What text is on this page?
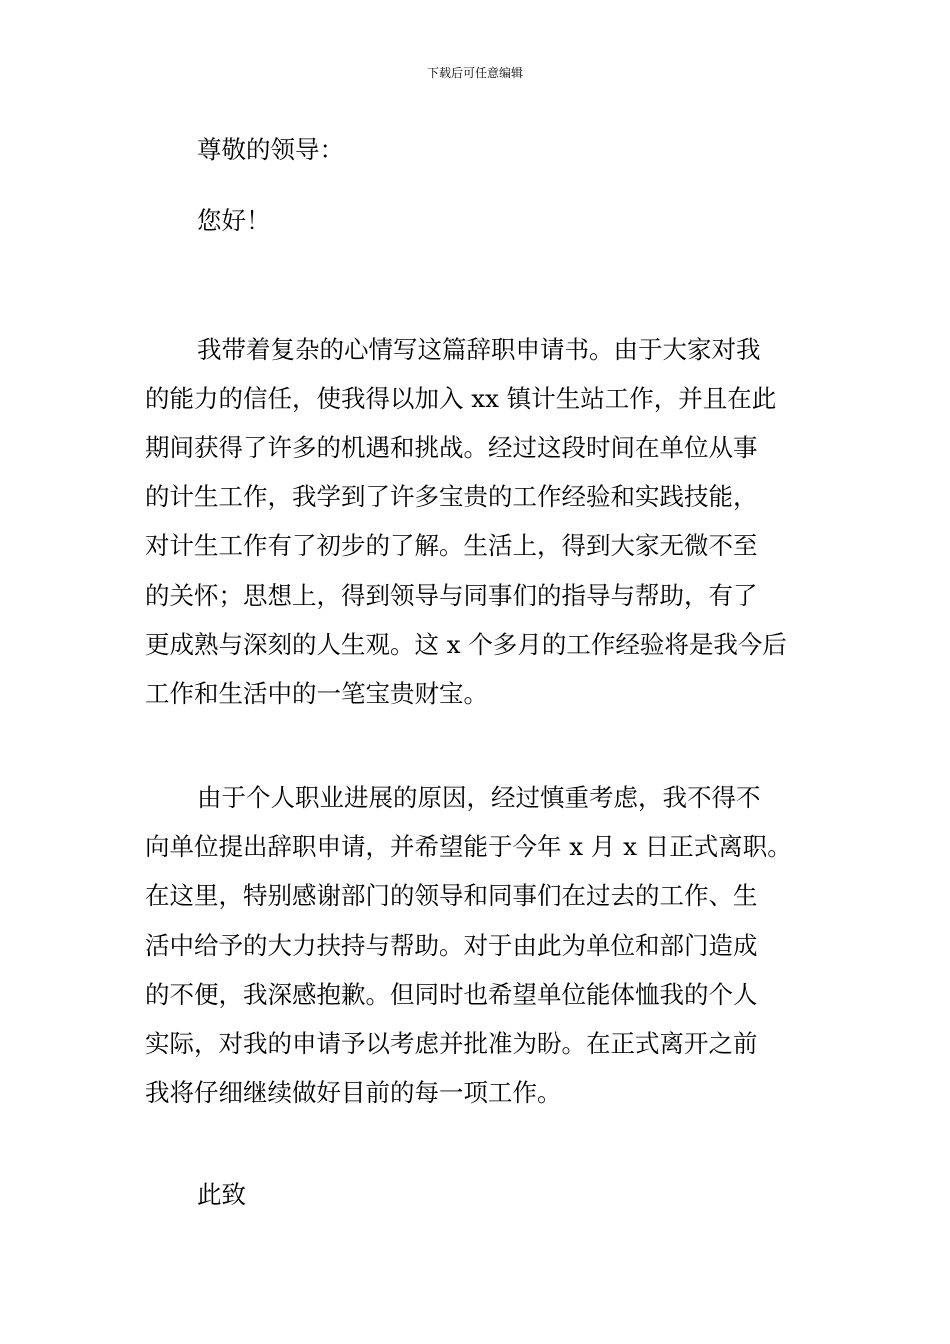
下载后可任意编辑
尊敬的领导：
您好！
我带着复杂的心情写这篇辞职申请书。由于大家对我
的能力的信任，使我得以加入 xx 镇计生站工作，并且在此
期间获得了许多的机遇和挑战。经过这段时间在单位从事
的计生工作，我学到了许多宝贵的工作经验和实践技能，
对计生工作有了初步的了解。生活上，得到大家无微不至
的关怀；思想上，得到领导与同事们的指导与帮助，有了
更成熟与深刻的人生观。这 x 个多月的工作经验将是我今后
工作和生活中的一笔宝贵财宝。
由于个人职业进展的原因，经过慎重考虑，我不得不
向单位提出辞职申请，并希望能于今年 x 月 x 日正式离职。
在这里，特别感谢部门的领导和同事们在过去的工作、生
活中给予的大力扶持与帮助。对于由此为单位和部门造成
的不便，我深感抱歉。但同时也希望单位能体恤我的个人
实际，对我的申请予以考虑并批准为盼。在正式离开之前
我将仔细继续做好目前的每一项工作。
此致
